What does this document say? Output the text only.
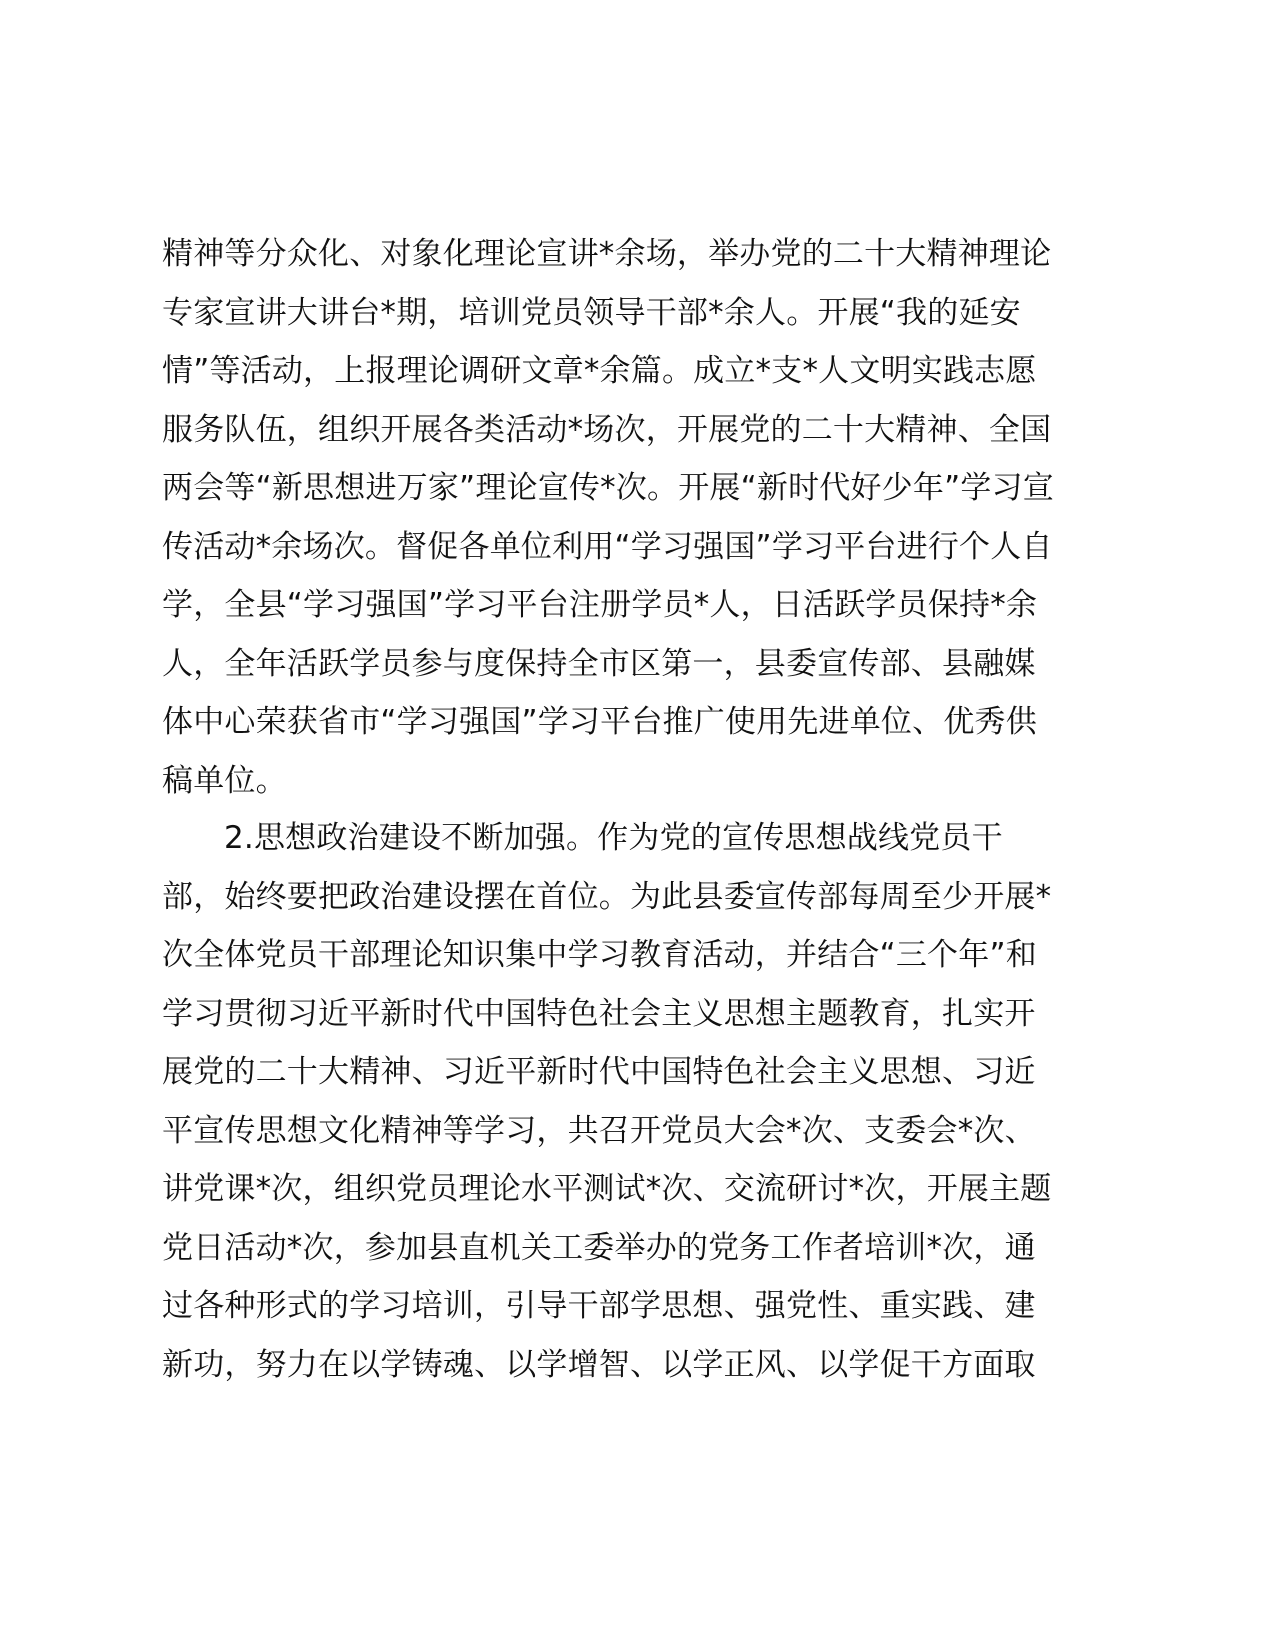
精神等分众化、对象化理论宣讲*余场，举办党的二十大精神理论
专家宣讲大讲台*期，培训党员领导干部*余人。开展“我的延安
情”等活动，上报理论调研文章*余篇。成立*支*人文明实践志愿
服务队伍，组织开展各类活动*场次，开展党的二十大精神、全国
两会等“新思想进万家”理论宣传*次。开展“新时代好少年”学习宣
传活动*余场次。督促各单位利用“学习强国”学习平台进行个人自
学，全县“学习强国”学习平台注册学员*人，日活跃学员保持*余
人，全年活跃学员参与度保持全市区第一，县委宣传部、县融媒
体中心荣获省市“学习强国”学习平台推广使用先进单位、优秀供
稿单位。
2.思想政治建设不断加强。作为党的宣传思想战线党员干
部，始终要把政治建设摆在首位。为此县委宣传部每周至少开展*
次全体党员干部理论知识集中学习教育活动，并结合“三个年”和
学习贯彻习近平新时代中国特色社会主义思想主题教育，扎实开
展党的二十大精神、习近平新时代中国特色社会主义思想、习近
平宣传思想文化精神等学习，共召开党员大会*次、支委会*次、
讲党课*次，组织党员理论水平测试*次、交流研讨*次，开展主题
党日活动*次，参加县直机关工委举办的党务工作者培训*次，通
过各种形式的学习培训，引导干部学思想、强党性、重实践、建
新功，努力在以学铸魂、以学增智、以学正风、以学促干方面取
